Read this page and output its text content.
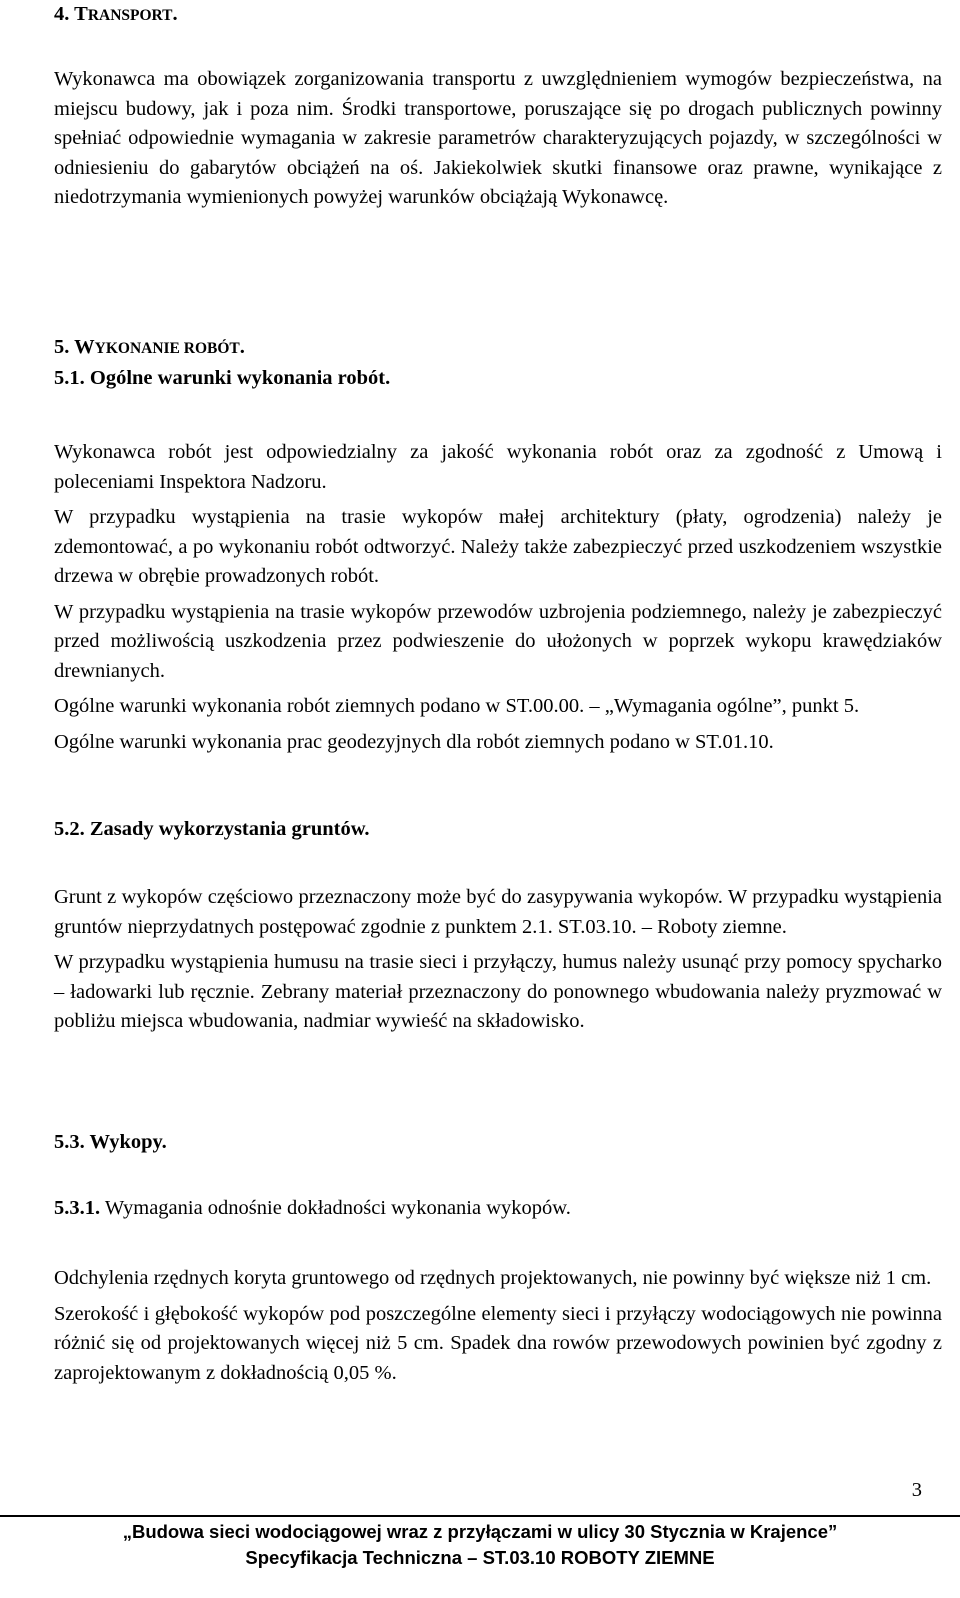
4. TRANSPORT.

Wykonawca ma obowiązek zorganizowania transportu z uwzględnieniem wymogów bezpieczeństwa, na miejscu budowy, jak i poza nim. Środki transportowe, poruszające się po drogach publicznych powinny spełniać odpowiednie wymagania w zakresie parametrów charakteryzujących pojazdy, w szczególności w odniesieniu do gabarytów obciążeń na oś. Jakiekolwiek skutki finansowe oraz prawne, wynikające z niedotrzymania wymienionych powyżej warunków obciążają Wykonawcę.

5. WYKONANIE ROBÓT.

5.1. Ogólne warunki wykonania robót.

Wykonawca robót jest odpowiedzialny za jakość wykonania robót oraz za zgodność z Umową i poleceniami Inspektora Nadzoru.

W przypadku wystąpienia na trasie wykopów małej architektury (płaty, ogrodzenia) należy je zdemontować, a po wykonaniu robót odtworzyć. Należy także zabezpieczyć przed uszkodzeniem wszystkie drzewa w obrębie prowadzonych robót.

W przypadku wystąpienia na trasie wykopów przewodów uzbrojenia podziemnego, należy je zabezpieczyć przed możliwością uszkodzenia przez podwieszenie do ułożonych w poprzek wykopu krawędziaków drewnianych.

Ogólne warunki wykonania robót ziemnych podano w ST.00.00. – „Wymagania ogólne”, punkt 5.

Ogólne warunki wykonania prac geodezyjnych dla robót ziemnych podano w ST.01.10.

5.2. Zasady wykorzystania gruntów.

Grunt z wykopów częściowo przeznaczony może być do zasypywania wykopów. W przypadku wystąpienia gruntów nieprzydatnych postępować zgodnie z punktem 2.1. ST.03.10. – Roboty ziemne.

W przypadku wystąpienia humusu na trasie sieci i przyłączy, humus należy usunąć przy pomocy spycharko – ładowarki lub ręcznie. Zebrany materiał przeznaczony do ponownego wbudowania należy pryzmować w pobliżu miejsca wbudowania, nadmiar wywieść na składowisko.

5.3. Wykopy.

5.3.1. Wymagania odnośnie dokładności wykonania wykopów.

Odchylenia rzędnych koryta gruntowego od rzędnych projektowanych, nie powinny być większe niż 1 cm.

Szerokość i głębokość wykopów pod poszczególne elementy sieci i przyłączy wodociągowych nie powinna różnić się od projektowanych więcej niż 5 cm. Spadek dna rowów przewodowych powinien być zgodny z zaprojektowanym z dokładnością 0,05 %.

3
„Budowa sieci wodociągowej wraz z przyłączami w ulicy 30 Stycznia w Krajence”
Specyfikacja Techniczna – ST.03.10 ROBOTY ZIEMNE
